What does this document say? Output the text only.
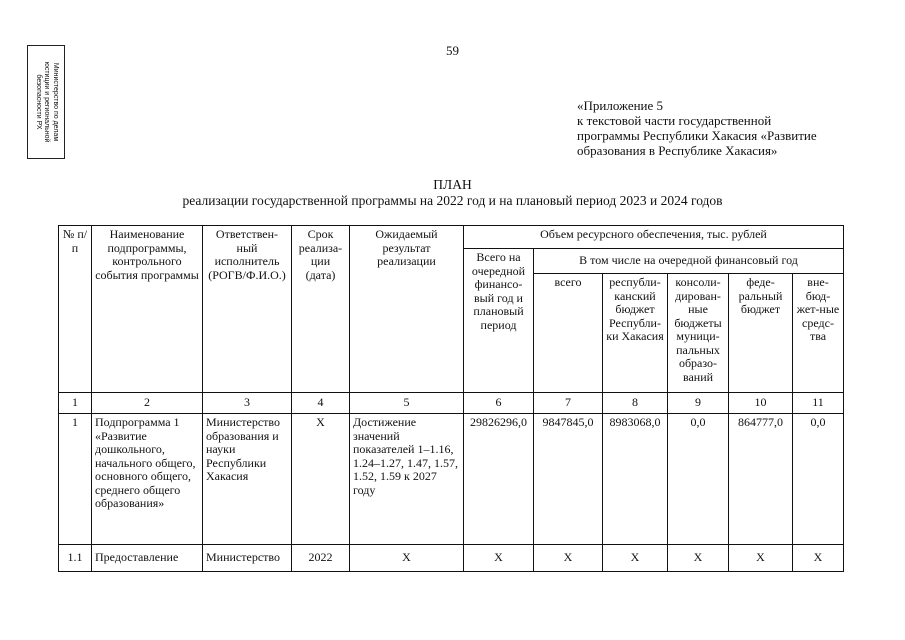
Министерство по делам
юстиции и региональной
безопасности РХ
59
«Приложение 5
к текстовой части государственной
программы Республики Хакасия «Развитие
образования в Республике Хакасия»
ПЛАН
реализации государственной программы на 2022 год и на плановый период 2023 и 2024 годов
№ п/п	Наименование подпрограммы, контрольного события программы	Ответствен-ный исполнитель (РОГВ/Ф.И.О.)	Срок реализа-ции (дата)	Ожидаемый результат реализации	Объем ресурсного обеспечения, тыс. рублей					
					Всего на очередной финансо-вый год и плановый период	В том числе на очередной финансовый год				
						всего	республи-канский бюджет Республи-ки Хакасия	консоли-дирован-ные бюджеты муници-пальных образо-ваний	феде-ральный бюджет	вне-бюд-жет-ные средс-тва
1	2	3	4	5	6	7	8	9	10	11
1	Подпрограмма 1 «Развитие дошкольного, начального общего, основного общего, среднего общего образования»	Министерство образования и науки Республики Хакасия	Х	Достижение значений показателей 1–1.16, 1.24–1.27, 1.47, 1.57, 1.52, 1.59 к 2027 году	29826296,0	9847845,0	8983068,0	0,0	864777,0	0,0
1.1	Предоставление	Министерство	2022	Х	Х	Х	Х	Х	Х	Х
